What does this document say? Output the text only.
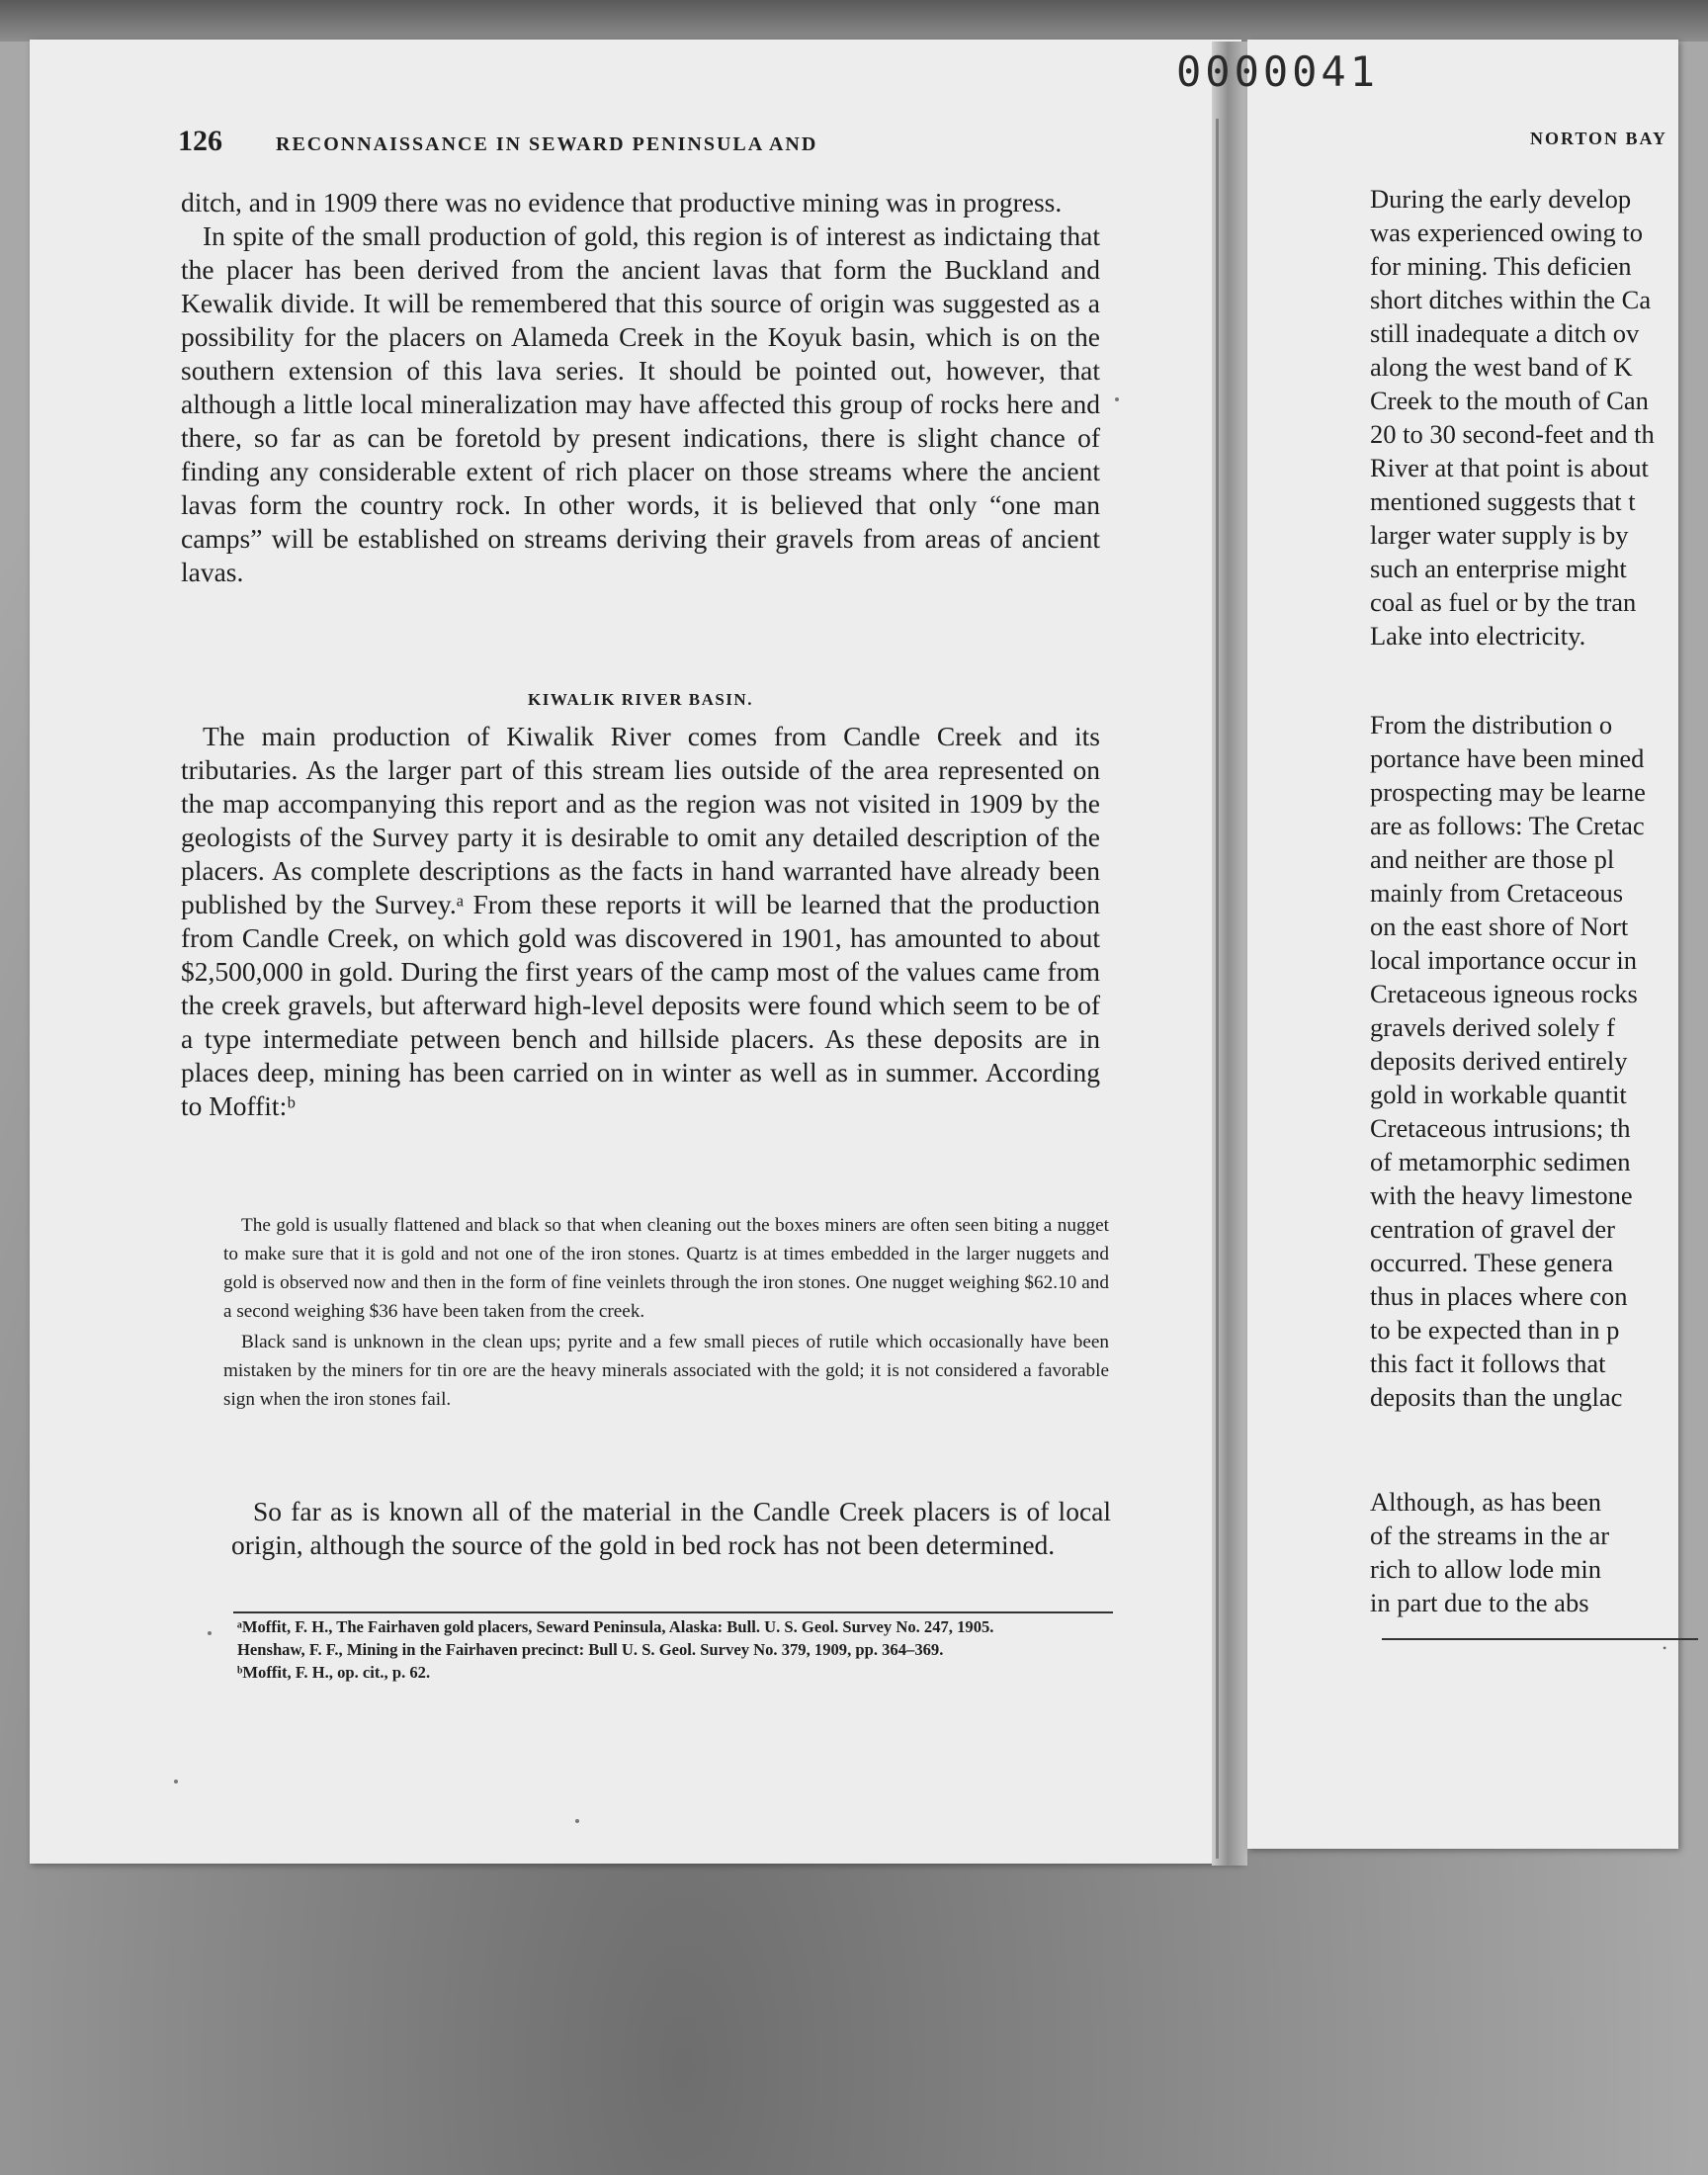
0000041
126	RECONNAISSANCE IN SEWARD PENINSULA AND

ditch, and in 1909 there was no evidence that productive mining was in progress.

In spite of the small production of gold, this region is of interest as indictaing that the placer has been derived from the ancient lavas that form the Buckland and Kewalik divide. It will be remembered that this source of origin was suggested as a possibility for the placers on Alameda Creek in the Koyuk basin, which is on the southern extension of this lava series. It should be pointed out, however, that although a little local mineralization may have affected this group of rocks here and there, so far as can be foretold by present indications, there is slight chance of finding any considerable extent of rich placer on those streams where the ancient lavas form the country rock. In other words, it is believed that only “one man camps” will be established on streams deriving their gravels from areas of ancient lavas.

KIWALIK RIVER BASIN.

The main production of Kiwalik River comes from Candle Creek and its tributaries. As the larger part of this stream lies outside of the area represented on the map accompanying this report and as the region was not visited in 1909 by the geologists of the Survey party it is desirable to omit any detailed description of the placers. As complete descriptions as the facts in hand warranted have already been published by the Survey.ᵃ From these reports it will be learned that the production from Candle Creek, on which gold was discovered in 1901, has amounted to about $2,500,000 in gold. During the first years of the camp most of the values came from the creek gravels, but afterward high-level deposits were found which seem to be of a type intermediate petween bench and hillside placers. As these deposits are in places deep, mining has been carried on in winter as well as in summer. According to Moffit:ᵇ

The gold is usually flattened and black so that when cleaning out the boxes miners are often seen biting a nugget to make sure that it is gold and not one of the iron stones. Quartz is at times embedded in the larger nuggets and gold is observed now and then in the form of fine veinlets through the iron stones. One nugget weighing $62.10 and a second weighing $36 have been taken from the creek.

Black sand is unknown in the clean ups; pyrite and a few small pieces of rutile which occasionally have been mistaken by the miners for tin ore are the heavy minerals associated with the gold; it is not considered a favorable sign when the iron stones fail.

So far as is known all of the material in the Candle Creek placers is of local origin, although the source of the gold in bed rock has not been determined.

ᵃMoffit, F. H., The Fairhaven gold placers, Seward Peninsula, Alaska: Bull. U. S. Geol. Survey No. 247, 1905.

Henshaw, F. F., Mining in the Fairhaven precinct: Bull U. S. Geol. Survey No. 379, 1909, pp. 364–369.

ᵇMoffit, F. H., op. cit., p. 62.

NORTON BAY
During the early develop
was experienced owing to
for mining. This deficien
short ditches within the Ca
still inadequate a ditch ov
along the west band of K
Creek to the mouth of Can
20 to 30 second-feet and th
River at that point is about
mentioned suggests that t
larger water supply is by
such an enterprise might
coal as fuel or by the tran
Lake into electricity.
From the distribution o
portance have been mined
prospecting may be learne
are as follows: The Cretac
and neither are those pl
mainly from Cretaceous
on the east shore of Nort
local importance occur in
Cretaceous igneous rocks
gravels derived solely f
deposits derived entirely
gold in workable quantit
Cretaceous intrusions; th
of metamorphic sedimen
with the heavy limestone
centration of gravel der
occurred. These genera
thus in places where con
to be expected than in p
this fact it follows that
deposits than the unglac
Although, as has been
of the streams in the ar
rich to allow lode min
in part due to the abs
•
